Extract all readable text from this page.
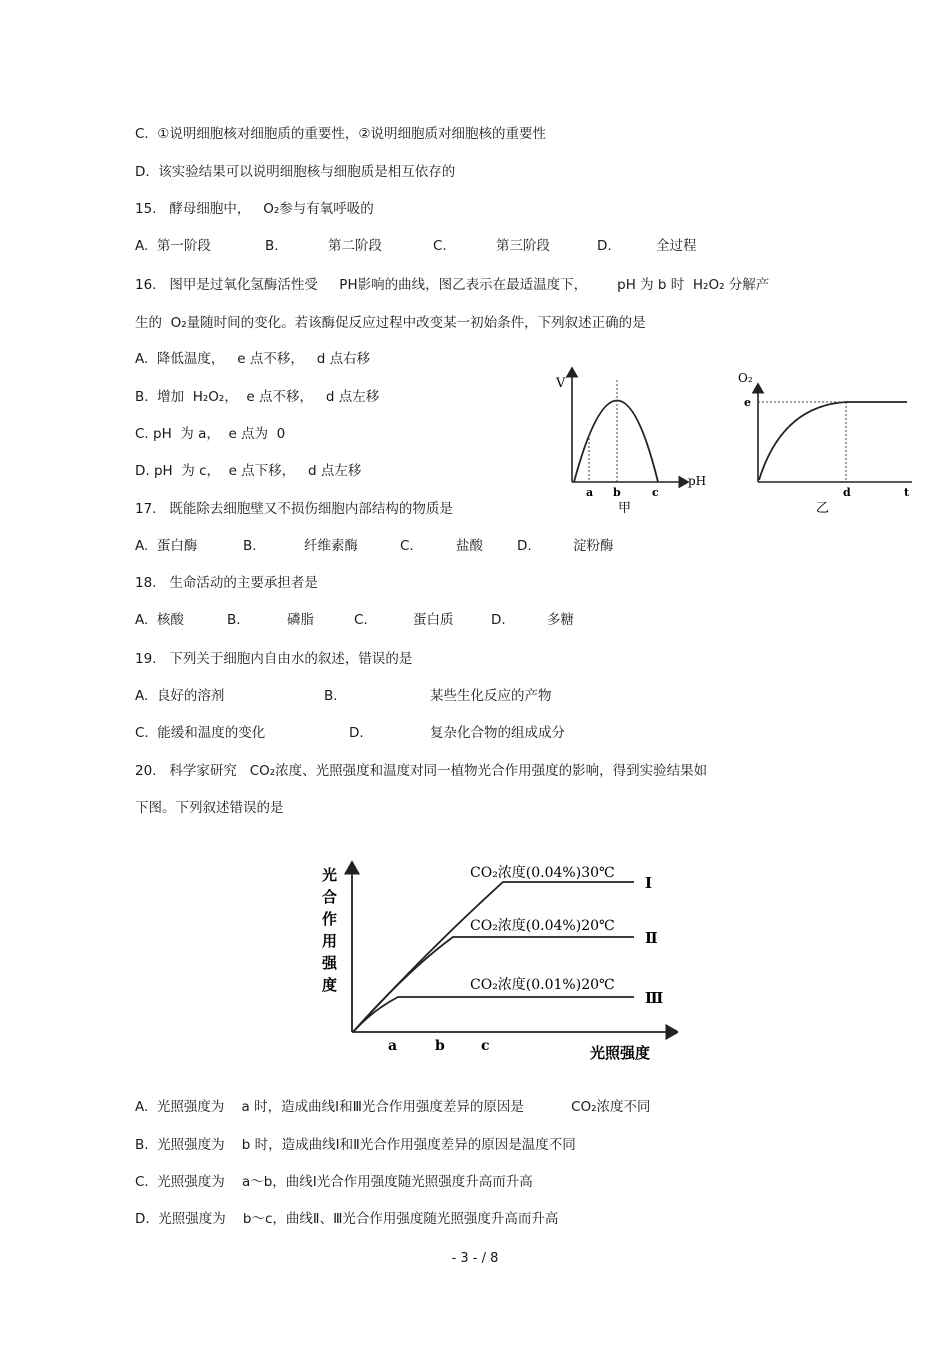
C.  ①说明细胞核对细胞质的重要性，②说明细胞质对细胞核的重要性
D.  该实验结果可以说明细胞核与细胞质是相互依存的
15.   酵母细胞中，   O₂参与有氧呼吸的
A.  第一阶段	B.	第二阶段	C.	第三阶段	D.	全过程
16.   图甲是过氧化氢酶活性受     PH影响的曲线，图乙表示在最适温度下，       pH 为 b 时  H₂O₂ 分解产
生的  O₂量随时间的变化。若该酶促反应过程中改变某一初始条件，下列叙述正确的是
A.  降低温度，   e 点不移，   d 点右移
B.  增加  H₂O₂，  e 点不移，   d 点左移
C. pH  为 a，  e 点为  0
D. pH  为 c，  e 点下移，   d 点左移
V
pH
a b	c
甲
O₂
e
d	t
乙
17.   既能除去细胞壁又不损伤细胞内部结构的物质是
A.  蛋白酶	B.	纤维素酶	C.	盐酸	D.	淀粉酶
18.   生命活动的主要承担者是
A.  核酸	B.	磷脂	C.	蛋白质	D.	多糖
19.   下列关于细胞内自由水的叙述，错误的是
A.  良好的溶剂	B.	某些生化反应的产物
C.  能缓和温度的变化	D.	复杂化合物的组成成分
20.   科学家研究   CO₂浓度、光照强度和温度对同一植物光合作用强度的影响，得到实验结果如
下图。下列叙述错误的是
光
合
作
用
强
度
CO₂浓度(0.04%)30℃
CO₂浓度(0.04%)20℃
CO₂浓度(0.01%)20℃
Ⅰ
Ⅱ
Ⅲ
a	b	c	光照强度
A.  光照强度为    a 时，造成曲线Ⅰ和Ⅲ光合作用强度差异的原因是           CO₂浓度不同
B.  光照强度为    b 时，造成曲线Ⅰ和Ⅱ光合作用强度差异的原因是温度不同
C.  光照强度为    a～b，曲线Ⅰ光合作用强度随光照强度升高而升高
D.  光照强度为    b～c，曲线Ⅱ、Ⅲ光合作用强度随光照强度升高而升高
- 3 - / 8
